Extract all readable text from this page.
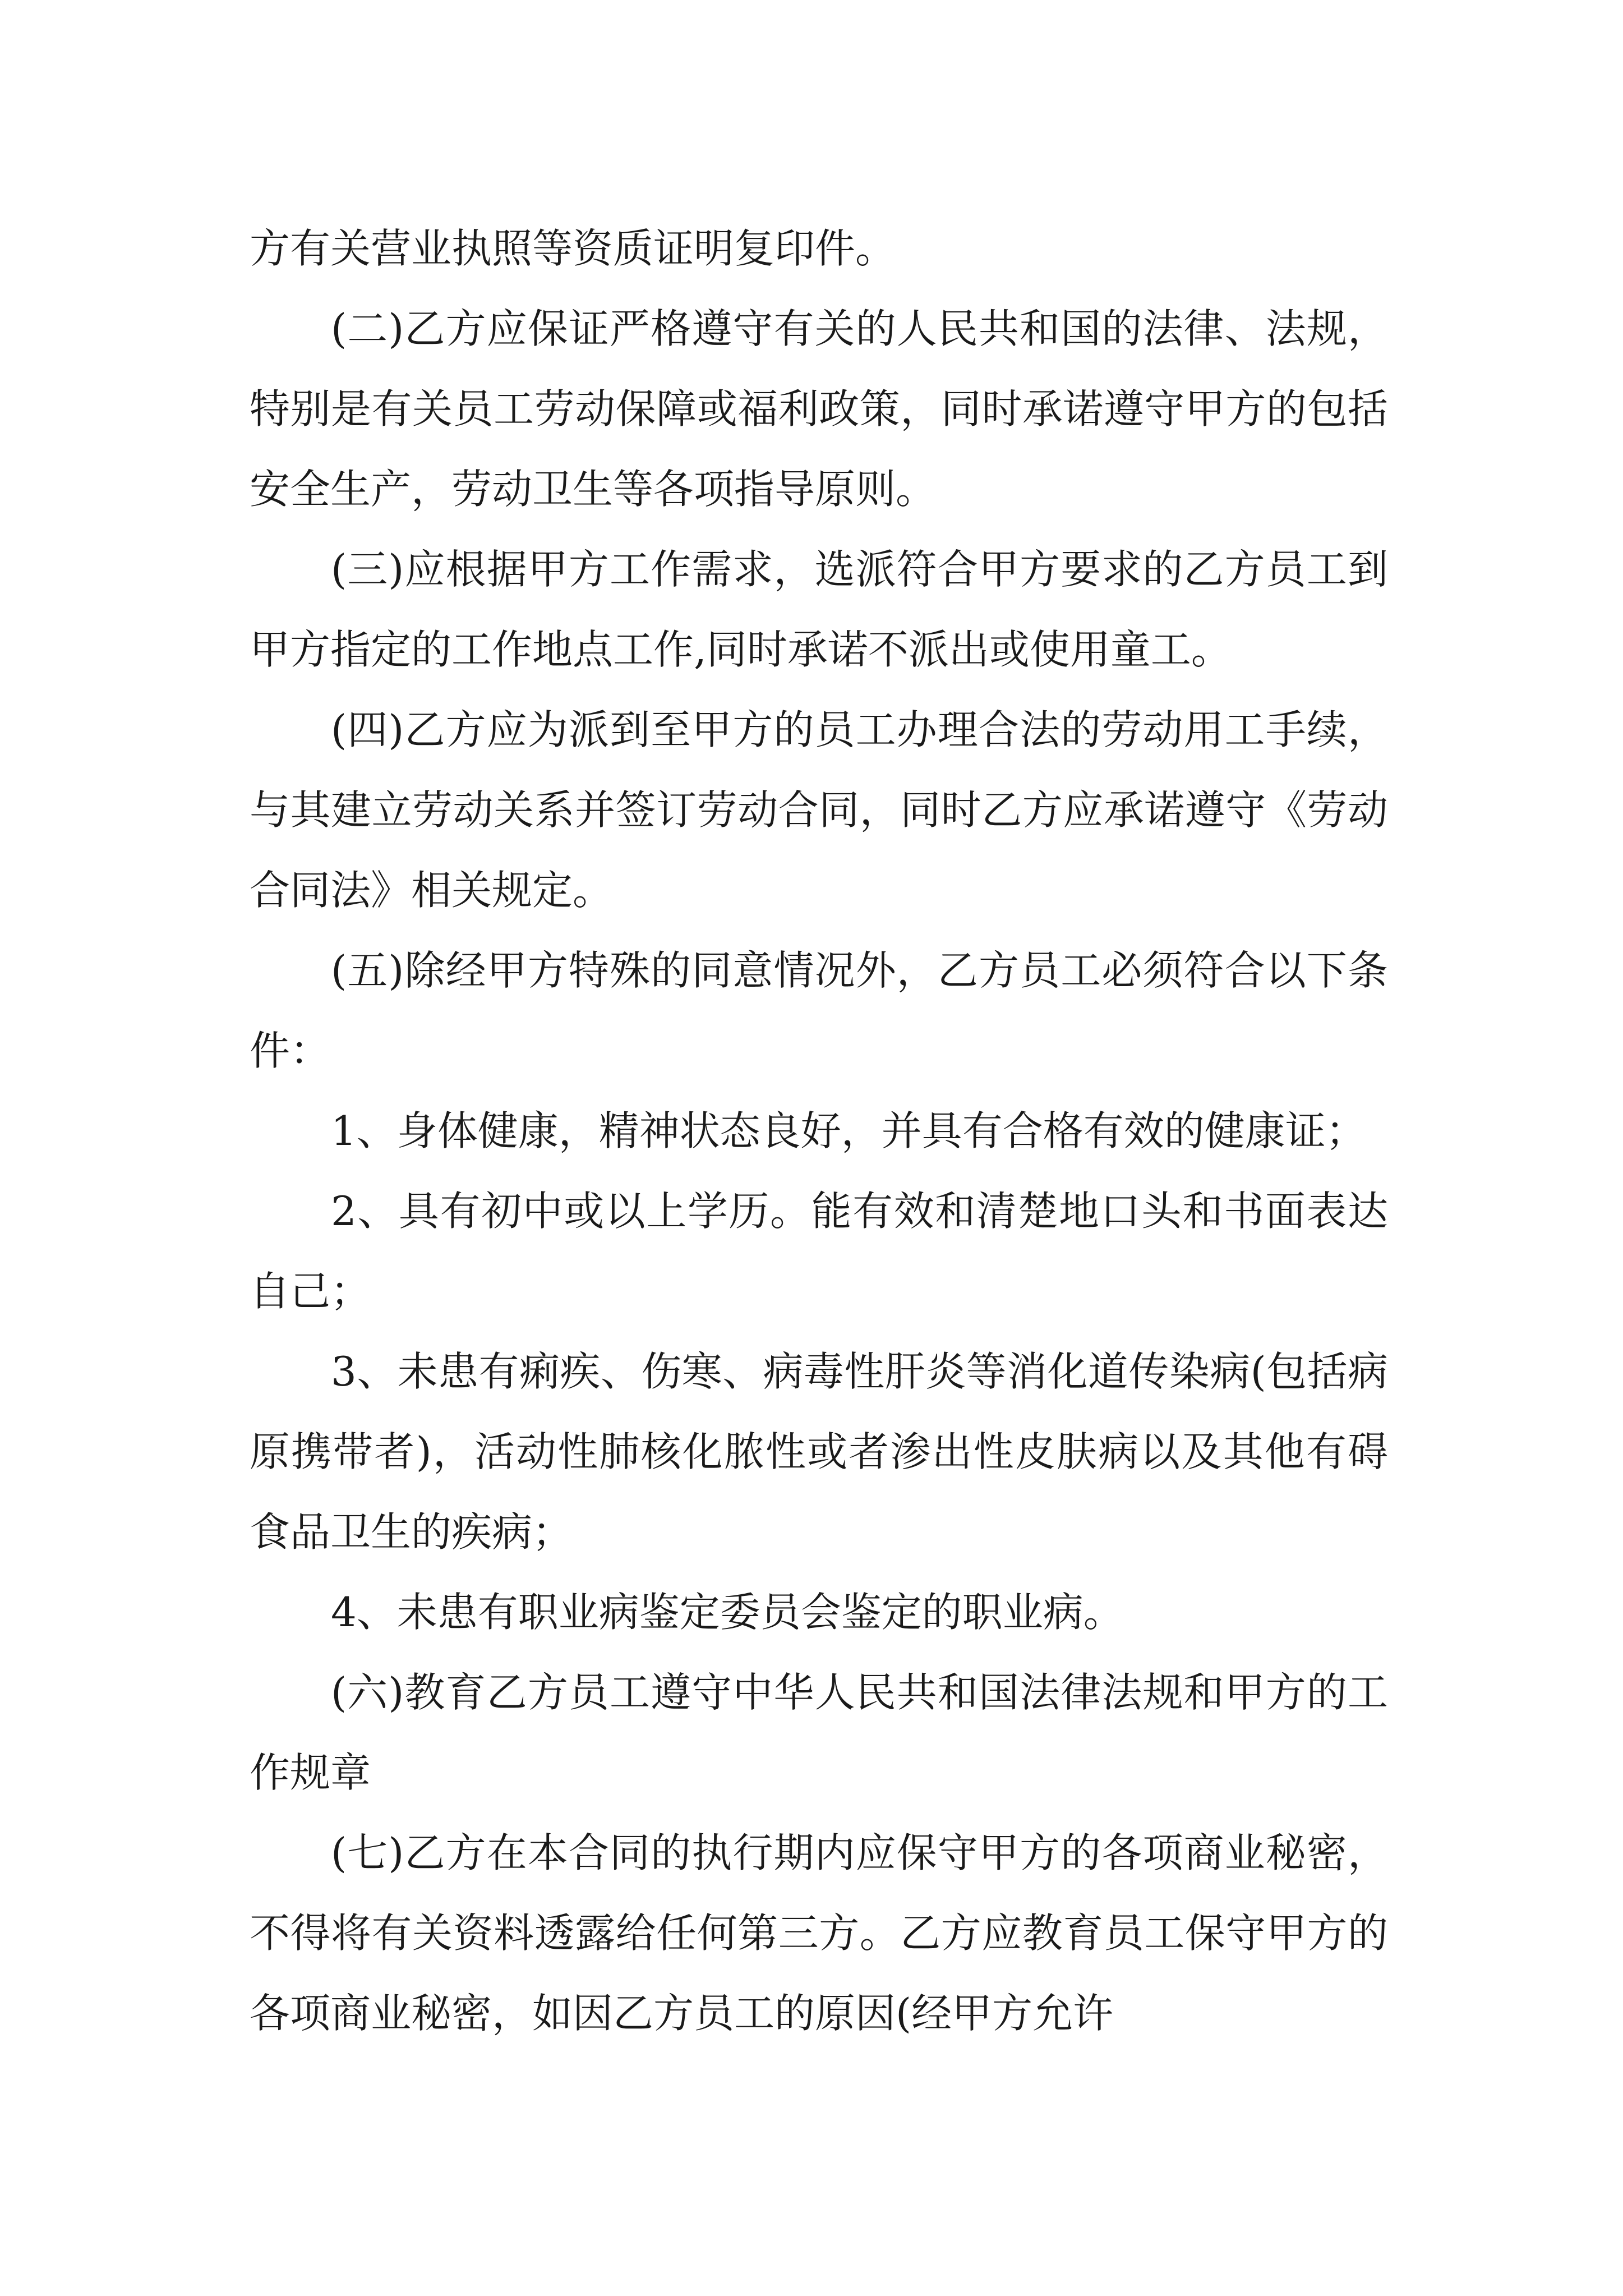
方有关营业执照等资质证明复印件。

(二)乙方应保证严格遵守有关的人民共和国的法律、法规，特别是有关员工劳动保障或福利政策，同时承诺遵守甲方的包括安全生产，劳动卫生等各项指导原则。

(三)应根据甲方工作需求，选派符合甲方要求的乙方员工到甲方指定的工作地点工作,同时承诺不派出或使用童工。

(四)乙方应为派到至甲方的员工办理合法的劳动用工手续，与其建立劳动关系并签订劳动合同，同时乙方应承诺遵守《劳动合同法》相关规定。

(五)除经甲方特殊的同意情况外，乙方员工必须符合以下条件：

1、身体健康，精神状态良好，并具有合格有效的健康证；

2、具有初中或以上学历。能有效和清楚地口头和书面表达自己；

3、未患有痢疾、伤寒、病毒性肝炎等消化道传染病(包括病原携带者)，活动性肺核化脓性或者渗出性皮肤病以及其他有碍食品卫生的疾病；

4、未患有职业病鉴定委员会鉴定的职业病。

(六)教育乙方员工遵守中华人民共和国法律法规和甲方的工作规章

(七)乙方在本合同的执行期内应保守甲方的各项商业秘密，不得将有关资料透露给任何第三方。乙方应教育员工保守甲方的各项商业秘密，如因乙方员工的原因(经甲方允许
